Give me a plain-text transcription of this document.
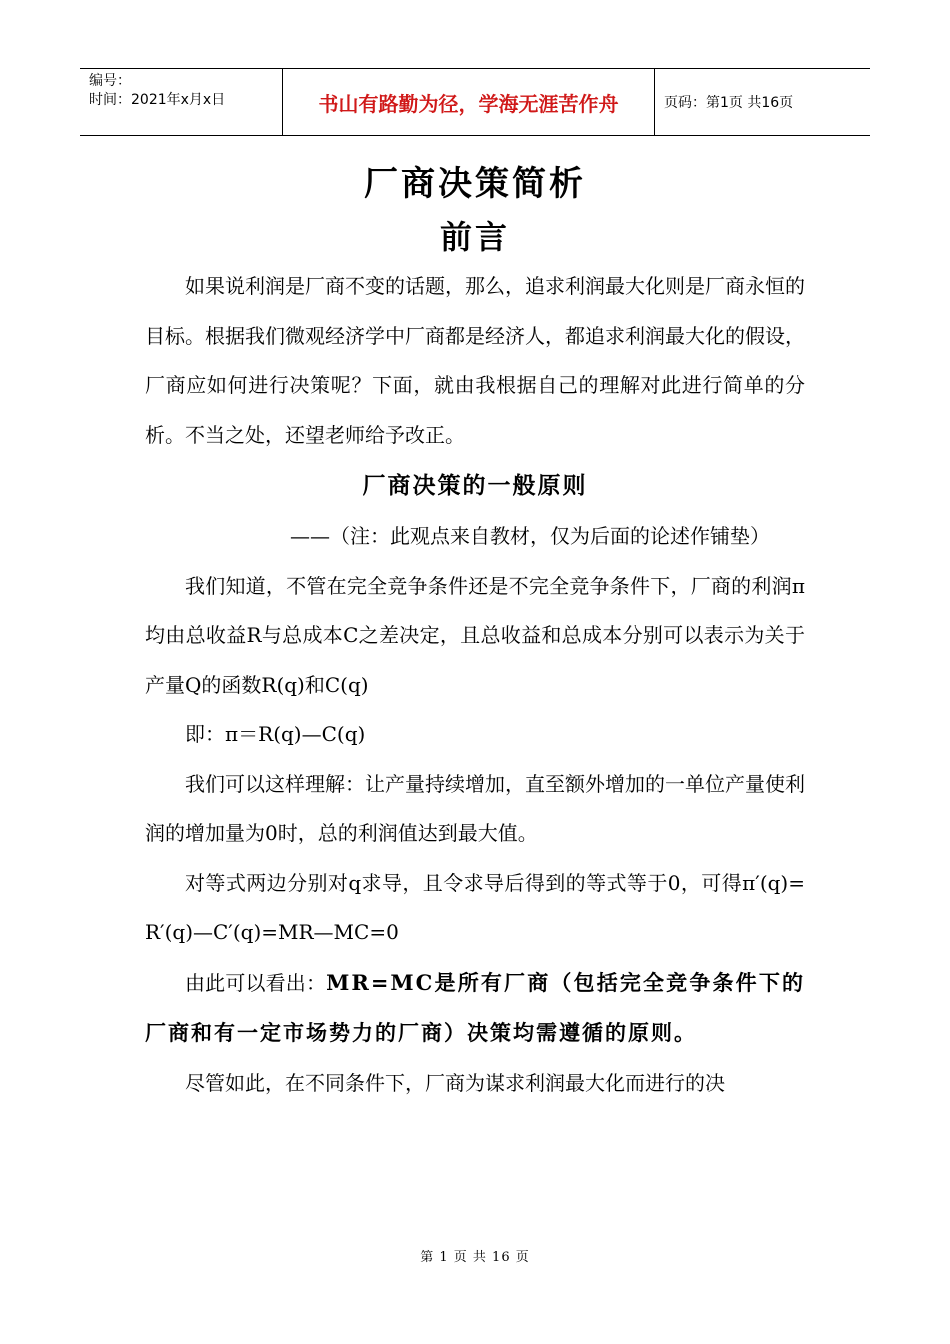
编号：
时间：2021年x月x日	书山有路勤为径，学海无涯苦作舟	页码：第1页 共16页
厂商决策简析
前言

如果说利润是厂商不变的话题，那么，追求利润最大化则是厂商永恒的目标。根据我们微观经济学中厂商都是经济人，都追求利润最大化的假设，厂商应如何进行决策呢？下面，就由我根据自己的理解对此进行简单的分析。不当之处，还望老师给予改正。

厂商决策的一般原则

——（注：此观点来自教材，仅为后面的论述作铺垫）

我们知道，不管在完全竞争条件还是不完全竞争条件下，厂商的利润π均由总收益R与总成本C之差决定，且总收益和总成本分别可以表示为关于产量Q的函数R(q)和C(q)

即：π＝R(q)—C(q)

我们可以这样理解：让产量持续增加，直至额外增加的一单位产量使利润的增加量为0时，总的利润值达到最大值。

对等式两边分别对q求导，且令求导后得到的等式等于0，可得π′(q)= R′(q)—C′(q)=MR—MC=0

由此可以看出：MR=MC是所有厂商（包括完全竞争条件下的厂商和有一定市场势力的厂商）决策均需遵循的原则。

尽管如此，在不同条件下，厂商为谋求利润最大化而进行的决

第 1 页 共 16 页
